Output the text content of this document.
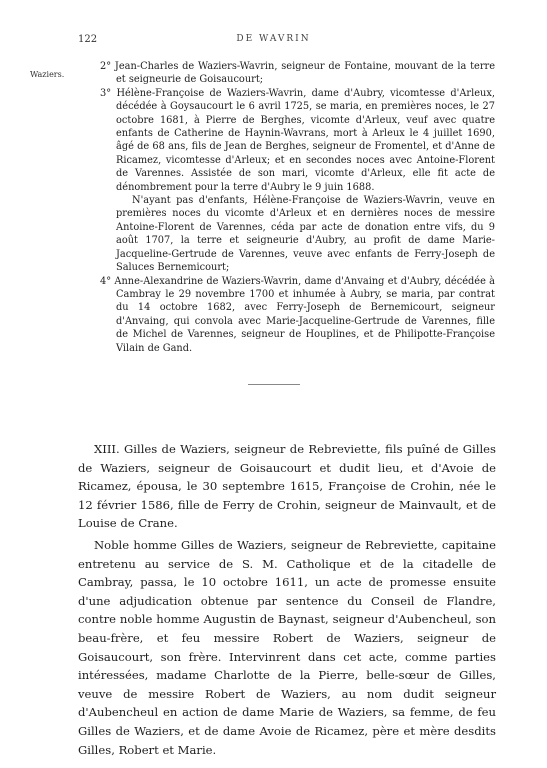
122	DE WAVRIN
Waziers.

2° Jean-Charles de Waziers-Wavrin, seigneur de Fontaine, mouvant de la terre et seigneurie de Goisaucourt;

3° Hélène-Françoise de Waziers-Wavrin, dame d'Aubry, vicomtesse d'Arleux, décédée à Goysaucourt le 6 avril 1725, se maria, en premières noces, le 27 octobre 1681, à Pierre de Berghes, vicomte d'Arleux, veuf avec quatre enfants de Catherine de Haynin-Wavrans, mort à Arleux le 4 juillet 1690, âgé de 68 ans, fils de Jean de Berghes, seigneur de Fromentel, et d'Anne de Ricamez, vicomtesse d'Arleux; et en secondes noces avec Antoine-Florent de Varennes. Assistée de son mari, vicomte d'Arleux, elle fit acte de dénombrement pour la terre d'Aubry le 9 juin 1688.

N'ayant pas d'enfants, Hélène-Françoise de Waziers-Wavrin, veuve en premières noces du vicomte d'Arleux et en dernières noces de messire Antoine-Florent de Varennes, céda par acte de donation entre vifs, du 9 août 1707, la terre et seigneurie d'Aubry, au profit de dame Marie-Jacqueline-Gertrude de Varennes, veuve avec enfants de Ferry-Joseph de Saluces Bernemicourt;

4° Anne-Alexandrine de Waziers-Wavrin, dame d'Anvaing et d'Aubry, décédée à Cambray le 29 novembre 1700 et inhumée à Aubry, se maria, par contrat du 14 octobre 1682, avec Ferry-Joseph de Bernemicourt, seigneur d'Anvaing, qui convola avec Marie-Jacqueline-Gertrude de Varennes, fille de Michel de Varennes, seigneur de Houplines, et de Philipotte-Françoise Vilain de Gand.

XIII. Gilles de Waziers, seigneur de Rebreviette, fils puîné de Gilles de Waziers, seigneur de Goisaucourt et dudit lieu, et d'Avoie de Ricamez, épousa, le 30 septembre 1615, Françoise de Crohin, née le 12 février 1586, fille de Ferry de Crohin, seigneur de Mainvault, et de Louise de Crane.

Noble homme Gilles de Waziers, seigneur de Rebreviette, capitaine entretenu au service de S. M. Catholique et de la citadelle de Cambray, passa, le 10 octobre 1611, un acte de promesse ensuite d'une adjudication obtenue par sentence du Conseil de Flandre, contre noble homme Augustin de Baynast, seigneur d'Aubencheul, son beau-frère, et feu messire Robert de Waziers, seigneur de Goisaucourt, son frère. Intervinrent dans cet acte, comme parties intéressées, madame Charlotte de la Pierre, belle-sœur de Gilles, veuve de messire Robert de Waziers, au nom dudit seigneur d'Aubencheul en action de dame Marie de Waziers, sa femme, de feu Gilles de Waziers, et de dame Avoie de Ricamez, père et mère desdits Gilles, Robert et Marie.
